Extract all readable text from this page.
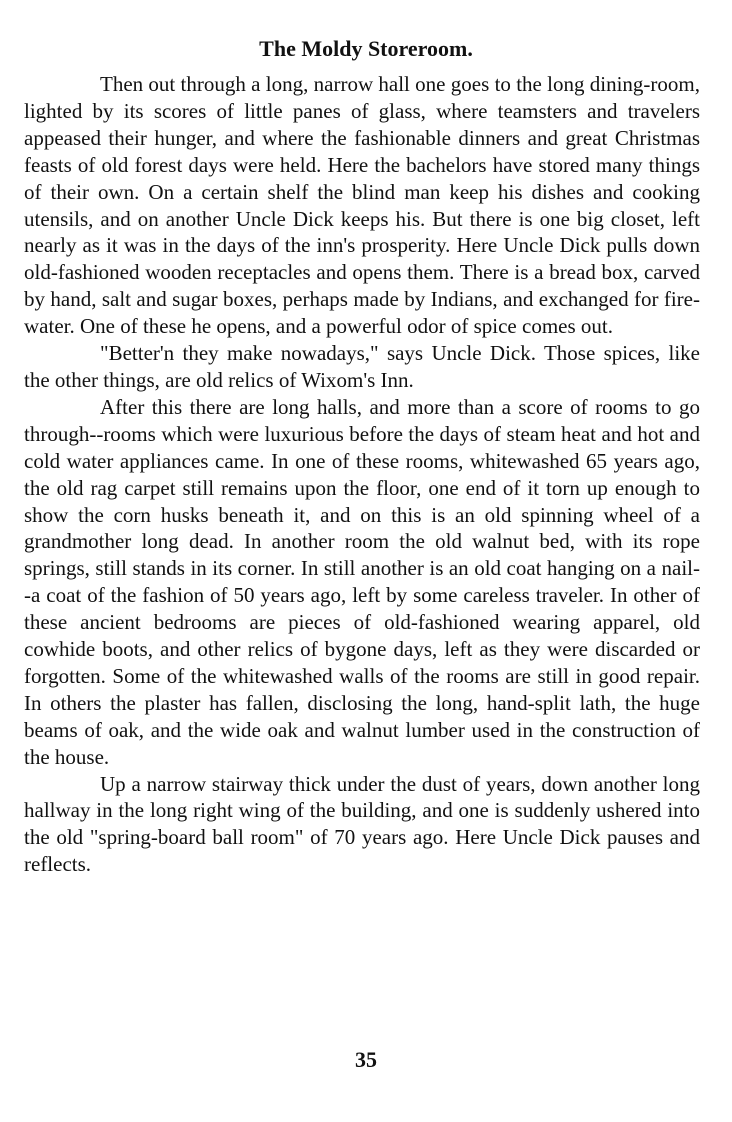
The Moldy Storeroom.

Then out through a long, narrow hall one goes to the long dining-room, lighted by its scores of little panes of glass, where teamsters and travelers appeased their hunger, and where the fashionable dinners and great Christmas feasts of old forest days were held. Here the bachelors have stored many things of their own. On a certain shelf the blind man keep his dishes and cooking utensils, and on another Uncle Dick keeps his. But there is one big closet, left nearly as it was in the days of the inn's prosperity. Here Uncle Dick pulls down old-fashioned wooden receptacles and opens them. There is a bread box, carved by hand, salt and sugar boxes, perhaps made by Indians, and exchanged for fire-water. One of these he opens, and a powerful odor of spice comes out.

"Better'n they make nowadays," says Uncle Dick. Those spices, like the other things, are old relics of Wixom's Inn.

After this there are long halls, and more than a score of rooms to go through--rooms which were luxurious before the days of steam heat and hot and cold water appliances came. In one of these rooms, whitewashed 65 years ago, the old rag carpet still remains upon the floor, one end of it torn up enough to show the corn husks beneath it, and on this is an old spinning wheel of a grandmother long dead. In another room the old walnut bed, with its rope springs, still stands in its corner. In still another is an old coat hanging on a nail--a coat of the fashion of 50 years ago, left by some careless traveler. In other of these ancient bedrooms are pieces of old-fashioned wearing apparel, old cowhide boots, and other relics of bygone days, left as they were discarded or forgotten. Some of the whitewashed walls of the rooms are still in good repair. In others the plaster has fallen, disclosing the long, hand-split lath, the huge beams of oak, and the wide oak and walnut lumber used in the construction of the house.

Up a narrow stairway thick under the dust of years, down another long hallway in the long right wing of the building, and one is suddenly ushered into the old "spring-board ball room" of 70 years ago. Here Uncle Dick pauses and reflects.

35
